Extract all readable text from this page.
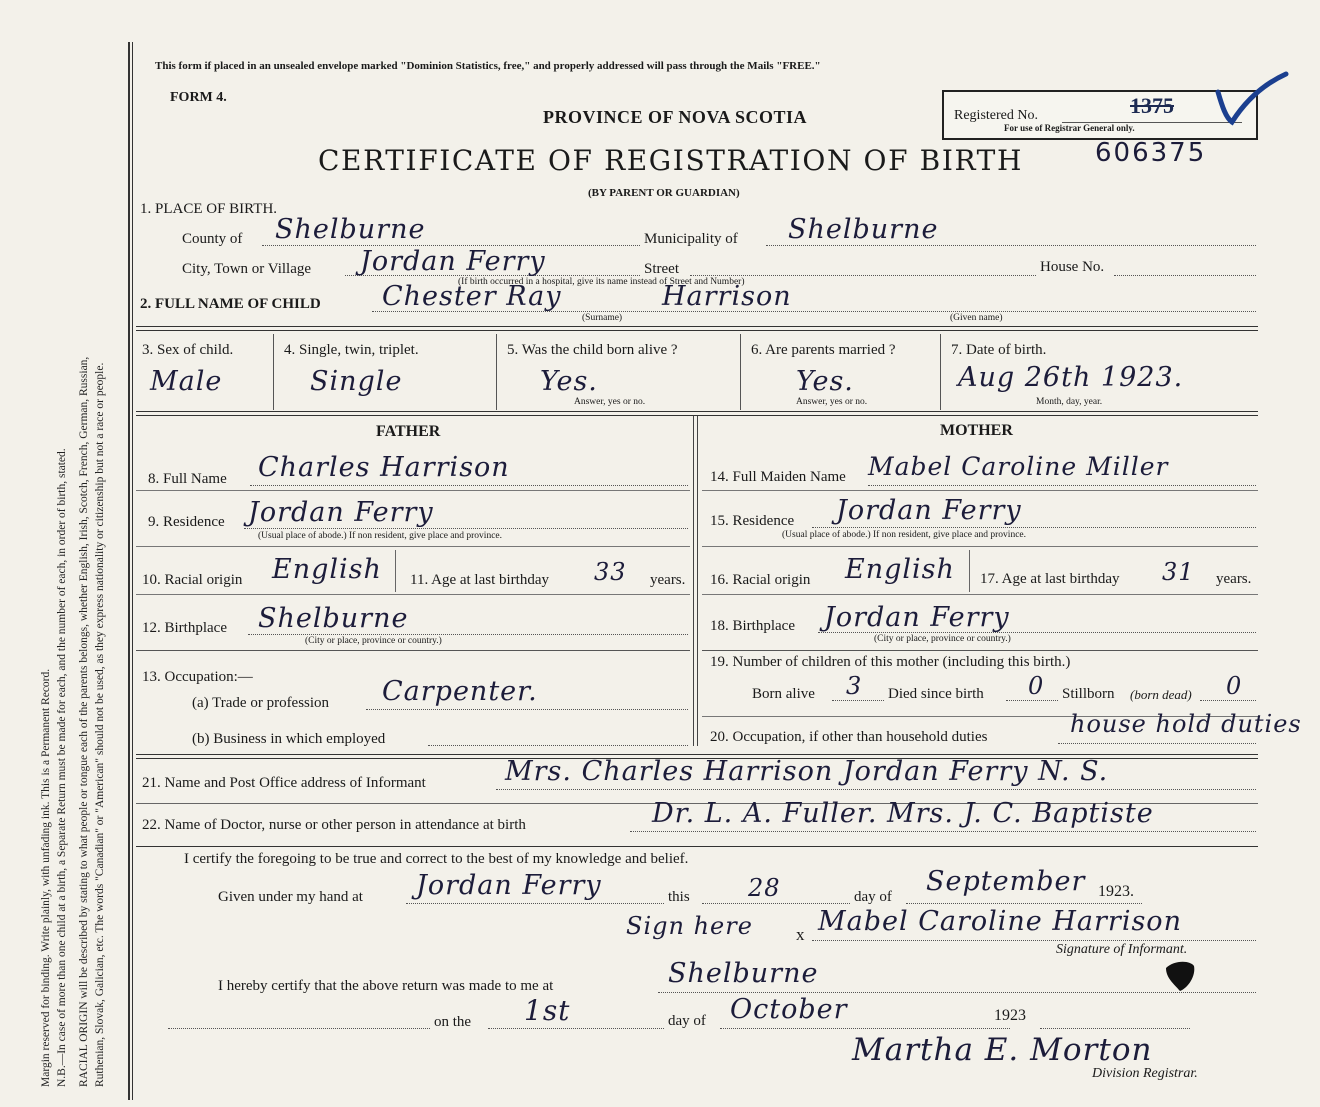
Margin reserved for binding. Write plainly, with unfading ink. This is a Permanent Record. N.B.—In case of more than one child at a birth, a Separate Return must be made for each, and the number of each, in order of birth, stated. RACIAL ORIGIN will be described by stating to what people or tongue each of the parents belongs, whether English, Irish, Scotch, French, German, Russian, Ruthenian, Slovak, Galician, etc. The words "Canadian" or "American" should not be used, as they express nationality or citizenship but not a race or people.
This form if placed in an unsealed envelope marked "Dominion Statistics, free," and properly addressed will pass through the Mails "FREE."
FORM 4.
PROVINCE OF NOVA SCOTIA
CERTIFICATE OF REGISTRATION OF BIRTH
(BY PARENT OR GUARDIAN)
Registered No.
For use of Registrar General only.
1375
606375
1. PLACE OF BIRTH.
County of Shelburne	Municipality of Shelburne
City, Town or Village Jordan Ferry	Street	House No.
(If birth occurred in a hospital, give its name instead of Street and Number)
2. FULL NAME OF CHILD Chester Ray	Harrison
(Surname)	(Given name)
3. Sex of child.
Male
4. Single, twin, triplet.
Single
5. Was the child born alive ?
Yes.
Answer, yes or no.
6. Are parents married ?
Yes.
Answer, yes or no.
7. Date of birth.
Aug 26th 1923.
Month, day, year.
FATHER	MOTHER
8. Full Name Charles Harrison	14. Full Maiden Name Mabel Caroline Miller
9. Residence Jordan Ferry
(Usual place of abode.) If non resident, give place and province.
15. Residence Jordan Ferry
(Usual place of abode.) If non resident, give place and province.
10. Racial origin English 11. Age at last birthday 33 years. 16. Racial origin English 17. Age at last birthday 31 years.
12. Birthplace Shelburne
(City or place, province or country.)
18. Birthplace Jordan Ferry
(City or place, province or country.)
13. Occupation:—
(a) Trade or profession Carpenter.
(b) Business in which employed
19. Number of children of this mother (including this birth.)
Born alive 3 Died since birth 0 Stillborn (born dead) 0
20. Occupation, if other than household duties	house hold duties
21. Name and Post Office address of Informant	Mrs. Charles Harrison Jordan Ferry N. S.
22. Name of Doctor, nurse or other person in attendance at birth	Dr. L. A. Fuller. Mrs. J. C. Baptiste
I certify the foregoing to be true and correct to the best of my knowledge and belief.
Given under my hand at Jordan Ferry	this 28	day of September 1923.
Sign here	x Mabel Caroline Harrison
Signature of Informant.
I hereby certify that the above return was made to me at	Shelburne
on the 1st	day of October	1923
Martha E. Morton
Division Registrar.
